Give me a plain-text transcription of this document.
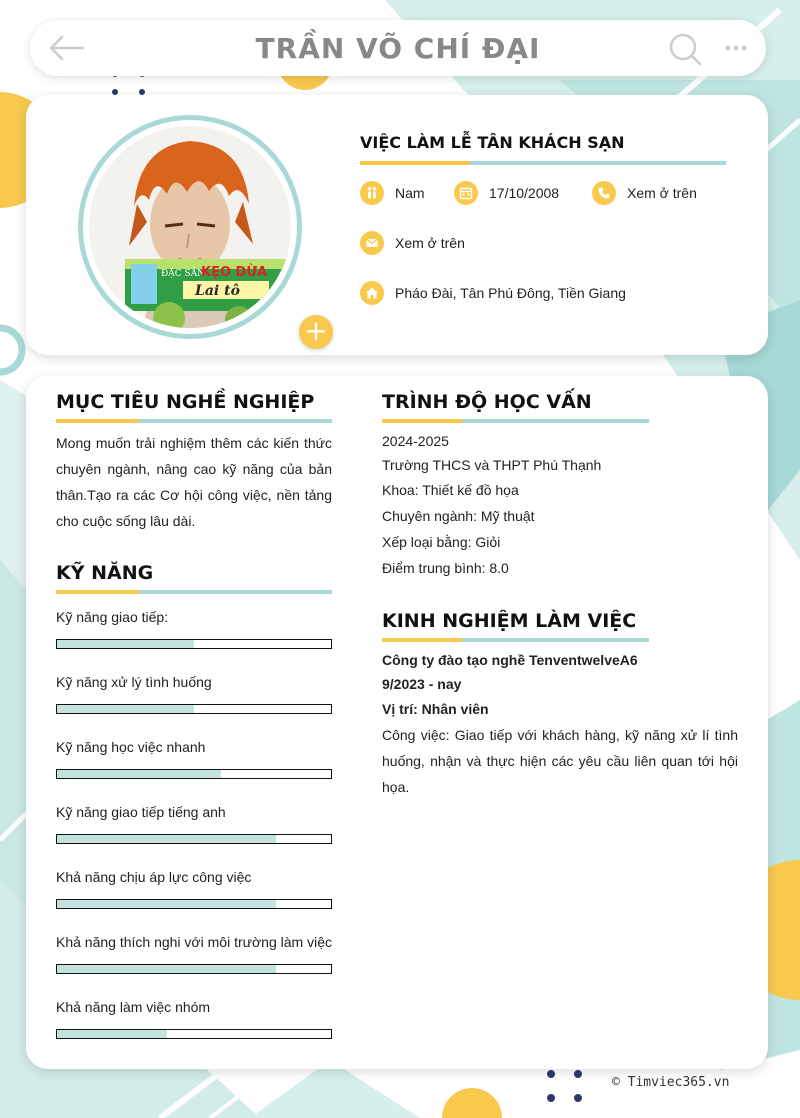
TRẦN VÕ CHÍ ĐẠI
ĐẶC SẢN
KẸO DỪA
Lai tô
+
VIỆC LÀM LỄ TÂN KHÁCH SẠN
Nam	17/10/2008	Xem ở trên
Xem ở trên
Pháo Đài, Tân Phú Đông, Tiền Giang
MỤC TIÊU NGHỀ NGHIỆP
Mong muốn trải nghiệm thêm các kiến thức chuyên ngành, nâng cao kỹ năng của bản thân.Tạo ra các Cơ hội công việc, nền tảng cho cuộc sống lâu dài.
KỸ NĂNG
Kỹ năng giao tiếp:
Kỹ năng xử lý tình huống
Kỹ năng học việc nhanh
Kỹ năng giao tiếp tiếng anh
Khả năng chịu áp lực công việc
Khả năng thích nghi với môi trường làm việc
Khả năng làm việc nhóm
TRÌNH ĐỘ HỌC VẤN
2024-2025
Trường THCS và THPT Phú Thạnh
Khoa: Thiết kế đồ họa
Chuyên ngành: Mỹ thuật
Xếp loại bằng: Giỏi
Điểm trung bình: 8.0
KINH NGHIỆM LÀM VIỆC
Công ty đào tạo nghề TenventwelveA6
9/2023 - nay
Vị trí: Nhân viên
Công việc: Giao tiếp với khách hàng, kỹ năng xử lí tình huống, nhận và thực hiện các yêu cầu liên quan tới hội họa.
© Timviec365.vn
